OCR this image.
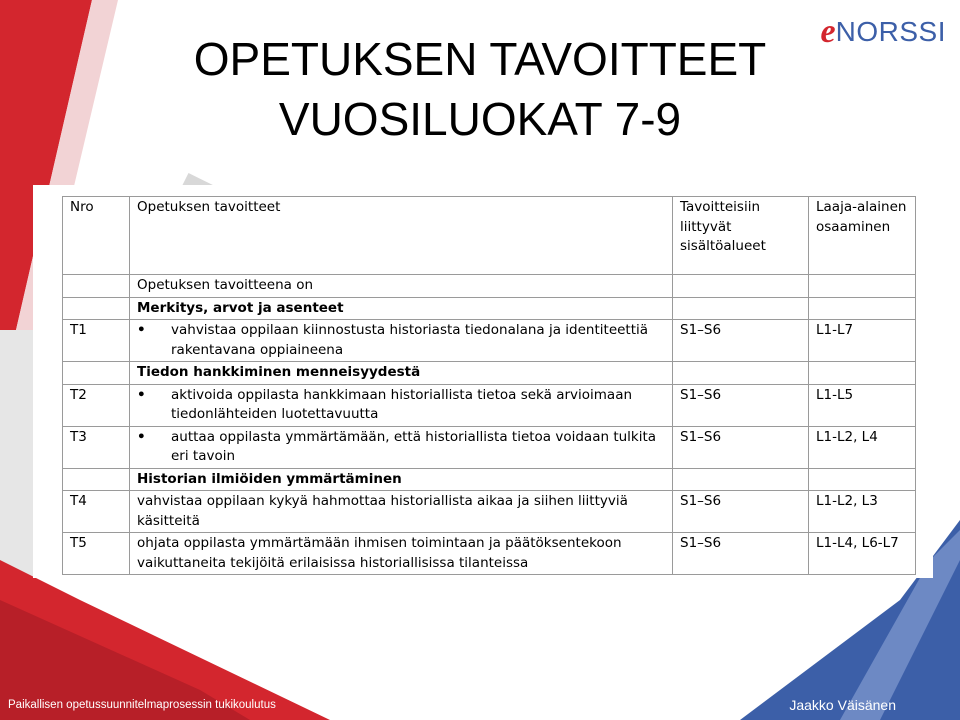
e NORSSI
OPETUKSEN TAVOITTEET
VUOSILUOKAT 7-9
Nro	Opetuksen tavoitteet	Tavoitteisiin liittyvät sisältöalueet	Laaja-alainen osaaminen
	Opetuksen tavoitteena on		
	Merkitys, arvot ja asenteet		
T1	• vahvistaa oppilaan kiinnostusta historiasta tiedonalana ja identiteettiä rakentavana oppiaineena	S1–S6	L1-L7
	Tiedon hankkiminen menneisyydestä		
T2	• aktivoida oppilasta hankkimaan historiallista tietoa sekä arvioimaan tiedonlähteiden luotettavuutta	S1–S6	L1-L5
T3	• auttaa oppilasta ymmärtämään, että historiallista tietoa voidaan tulkita eri tavoin	S1–S6	L1-L2, L4
	Historian ilmiöiden ymmärtäminen		
T4	vahvistaa oppilaan kykyä hahmottaa historiallista aikaa ja siihen liittyviä käsitteitä	S1–S6	L1-L2, L3
T5	ohjata oppilasta ymmärtämään ihmisen toimintaan ja päätöksentekoon vaikuttaneita tekijöitä erilaisissa historiallisissa tilanteissa	S1–S6	L1-L4, L6-L7
Paikallisen opetussuunnitelmaprosessin tukikoulutus	Jaakko Väisänen
